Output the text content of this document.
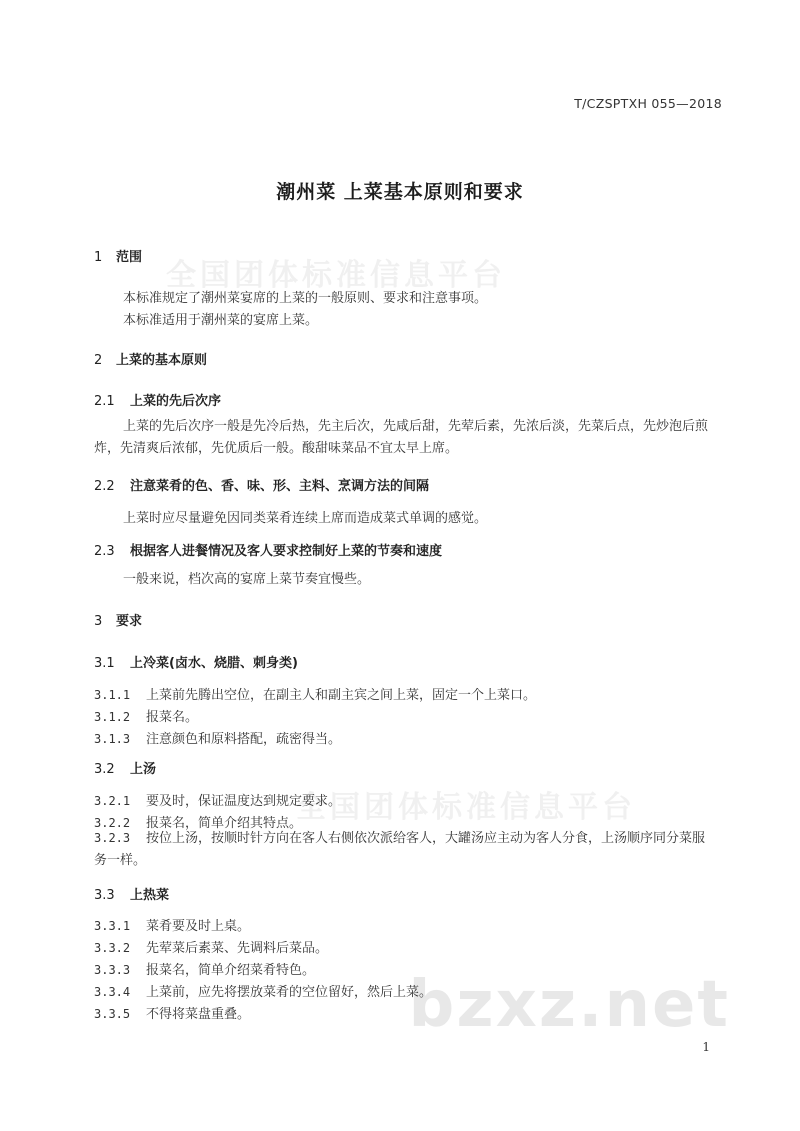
全国团体标准信息平台
全国团体标准信息平台
bzxz.net
T/CZSPTXH 055—2018
潮州菜 上菜基本原则和要求
1 范围
本标准规定了潮州菜宴席的上菜的一般原则、要求和注意事项。
本标准适用于潮州菜的宴席上菜。
2 上菜的基本原则
2.1 上菜的先后次序
上菜的先后次序一般是先冷后热，先主后次，先咸后甜，先荤后素，先浓后淡，先菜后点，先炒泡后煎炸，先清爽后浓郁，先优质后一般。酸甜味菜品不宜太早上席。
2.2 注意菜肴的色、香、味、形、主料、烹调方法的间隔
上菜时应尽量避免因同类菜肴连续上席而造成菜式单调的感觉。
2.3 根据客人进餐情况及客人要求控制好上菜的节奏和速度
一般来说，档次高的宴席上菜节奏宜慢些。
3 要求
3.1 上冷菜(卤水、烧腊、刺身类)
3.1.1 上菜前先腾出空位，在副主人和副主宾之间上菜，固定一个上菜口。
3.1.2 报菜名。
3.1.3 注意颜色和原料搭配，疏密得当。
3.2 上汤
3.2.1 要及时，保证温度达到规定要求。
3.2.2 报菜名，简单介绍其特点。
3.2.3 按位上汤，按顺时针方向在客人右侧依次派给客人，大罐汤应主动为客人分食，上汤顺序同分菜服务一样。
3.3 上热菜
3.3.1 菜肴要及时上桌。
3.3.2 先荤菜后素菜、先调料后菜品。
3.3.3 报菜名，简单介绍菜肴特色。
3.3.4 上菜前，应先将摆放菜肴的空位留好，然后上菜。
3.3.5 不得将菜盘重叠。
1
